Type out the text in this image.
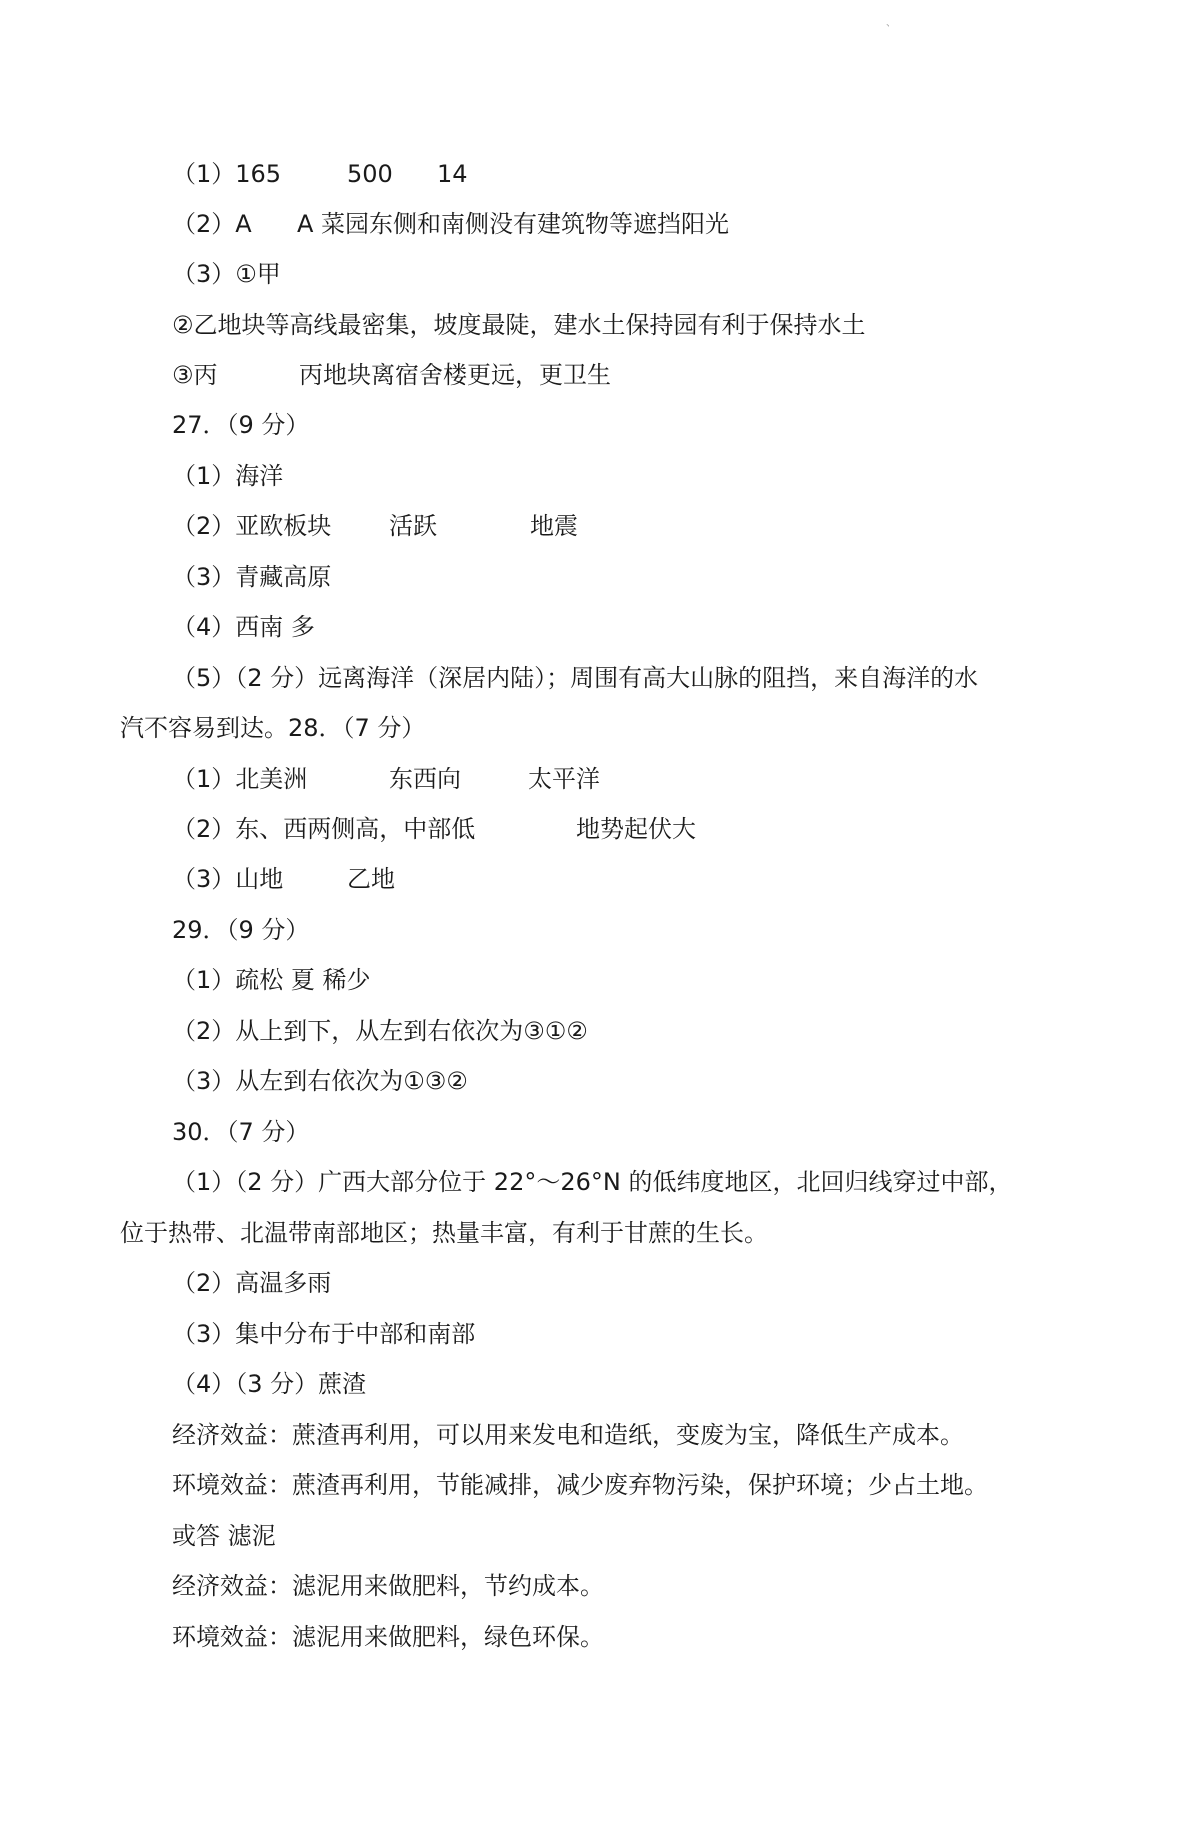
、
（1）165	500 14
（2）A A 菜园东侧和南侧没有建筑物等遮挡阳光
（3）①甲
②乙地块等高线最密集，坡度最陡，建水土保持园有利于保持水土
③丙	丙地块离宿舍楼更远，更卫生
27．（9 分）
（1）海洋
（2）亚欧板块 活跃	地震
（3）青藏高原
（4）西南 多
（5）（2 分）远离海洋（深居内陆）；周围有高大山脉的阻挡，来自海洋的水
汽不容易到达。28．（7 分）
（1）北美洲	东西向	太平洋
（2）东、西两侧高，中部低	地势起伏大
（3）山地	乙地
29．（9 分）
（1）疏松 夏 稀少
（2）从上到下，从左到右依次为③①②
（3）从左到右依次为①③②
30．（7 分）
（1）（2 分）广西大部分位于 22°～26°N 的低纬度地区，北回归线穿过中部，
位于热带、北温带南部地区；热量丰富，有利于甘蔗的生长。
（2）高温多雨
（3）集中分布于中部和南部
（4）（3 分）蔗渣
经济效益：蔗渣再利用，可以用来发电和造纸，变废为宝，降低生产成本。
环境效益：蔗渣再利用，节能减排，减少废弃物污染，保护环境；少占土地。
或答 滤泥
经济效益：滤泥用来做肥料，节约成本。
环境效益：滤泥用来做肥料，绿色环保。
